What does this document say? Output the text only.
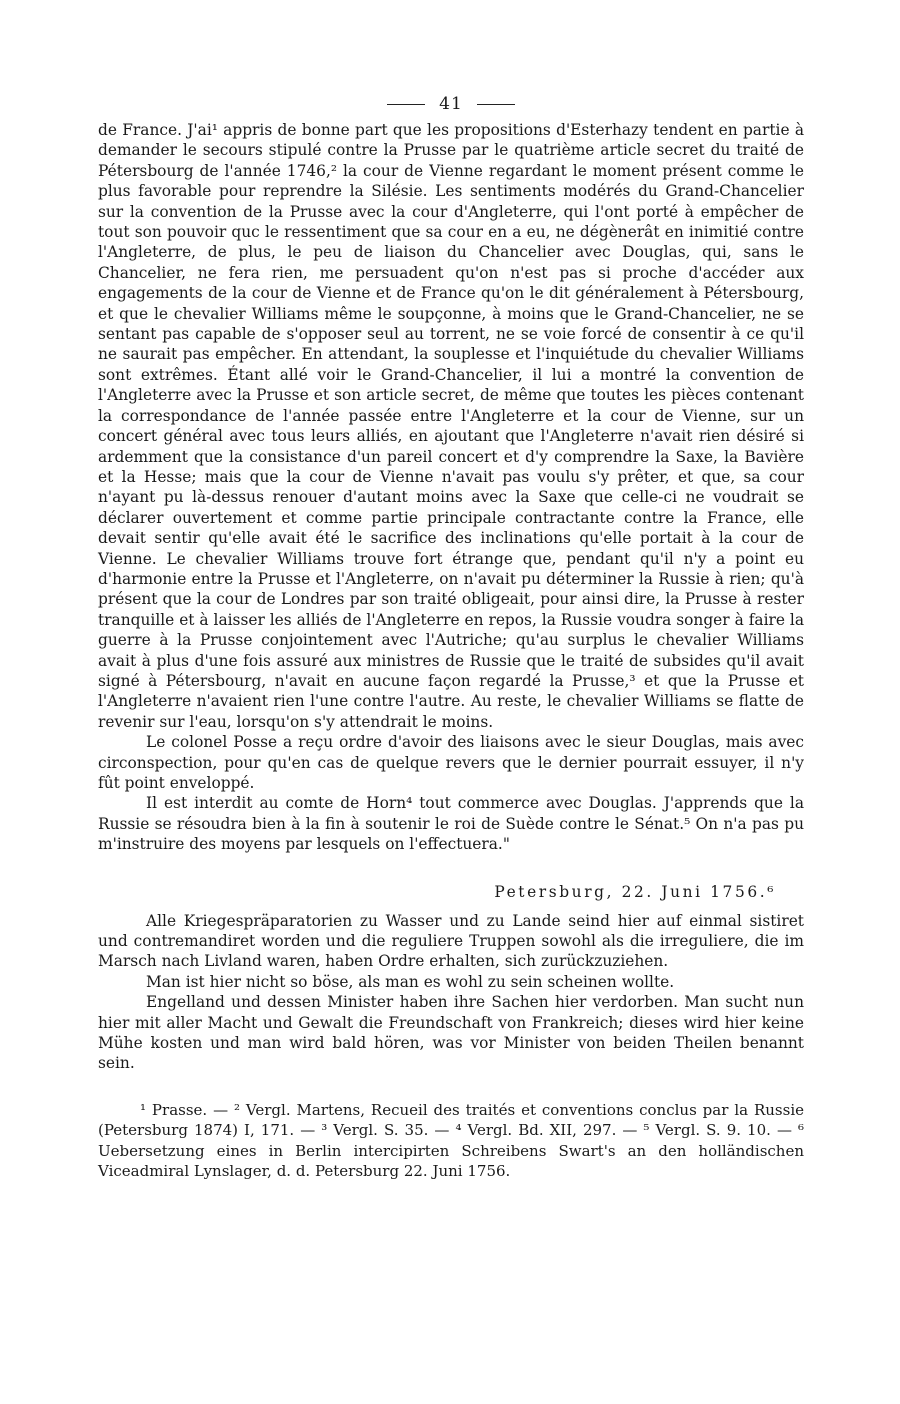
41

de France. J'ai¹ appris de bonne part que les propositions d'Esterhazy tendent en partie à demander le secours stipulé contre la Prusse par le quatrième article secret du traité de Pétersbourg de l'année 1746,² la cour de Vienne regardant le moment présent comme le plus favorable pour reprendre la Silésie. Les sentiments modérés du Grand-Chancelier sur la convention de la Prusse avec la cour d'Angleterre, qui l'ont porté à empêcher de tout son pouvoir quc le ressentiment que sa cour en a eu, ne dégènerât en inimitié contre l'Angleterre, de plus, le peu de liaison du Chancelier avec Douglas, qui, sans le Chancelier, ne fera rien, me persuadent qu'on n'est pas si proche d'accéder aux engagements de la cour de Vienne et de France qu'on le dit généralement à Pétersbourg, et que le chevalier Williams même le soupçonne, à moins que le Grand-Chancelier, ne se sentant pas capable de s'opposer seul au torrent, ne se voie forcé de consentir à ce qu'il ne saurait pas empêcher. En attendant, la souplesse et l'inquiétude du chevalier Williams sont extrêmes. Étant allé voir le Grand-Chancelier, il lui a montré la convention de l'Angleterre avec la Prusse et son article secret, de même que toutes les pièces contenant la correspondance de l'année passée entre l'Angleterre et la cour de Vienne, sur un concert général avec tous leurs alliés, en ajoutant que l'Angleterre n'avait rien désiré si ardemment que la consistance d'un pareil concert et d'y comprendre la Saxe, la Bavière et la Hesse; mais que la cour de Vienne n'avait pas voulu s'y prêter, et que, sa cour n'ayant pu là-dessus renouer d'autant moins avec la Saxe que celle-ci ne voudrait se déclarer ouvertement et comme partie principale contractante contre la France, elle devait sentir qu'elle avait été le sacrifice des inclinations qu'elle portait à la cour de Vienne. Le chevalier Williams trouve fort étrange que, pendant qu'il n'y a point eu d'harmonie entre la Prusse et l'Angleterre, on n'avait pu déterminer la Russie à rien; qu'à présent que la cour de Londres par son traité obligeait, pour ainsi dire, la Prusse à rester tranquille et à laisser les alliés de l'Angleterre en repos, la Russie voudra songer à faire la guerre à la Prusse conjointement avec l'Autriche; qu'au surplus le chevalier Williams avait à plus d'une fois assuré aux ministres de Russie que le traité de subsides qu'il avait signé à Pétersbourg, n'avait en aucune façon regardé la Prusse,³ et que la Prusse et l'Angleterre n'avaient rien l'une contre l'autre. Au reste, le chevalier Williams se flatte de revenir sur l'eau, lorsqu'on s'y attendrait le moins.

Le colonel Posse a reçu ordre d'avoir des liaisons avec le sieur Douglas, mais avec circonspection, pour qu'en cas de quelque revers que le dernier pourrait essuyer, il n'y fût point enveloppé.

Il est interdit au comte de Horn⁴ tout commerce avec Douglas. J'apprends que la Russie se résoudra bien à la fin à soutenir le roi de Suède contre le Sénat.⁵ On n'a pas pu m'instruire des moyens par lesquels on l'effectuera."

Petersburg, 22. Juni 1756.⁶

Alle Kriegespräparatorien zu Wasser und zu Lande seind hier auf einmal sistiret und contremandiret worden und die reguliere Truppen sowohl als die irreguliere, die im Marsch nach Livland waren, haben Ordre erhalten, sich zurückzuziehen.

Man ist hier nicht so böse, als man es wohl zu sein scheinen wollte.

Engelland und dessen Minister haben ihre Sachen hier verdorben. Man sucht nun hier mit aller Macht und Gewalt die Freundschaft von Frankreich; dieses wird hier keine Mühe kosten und man wird bald hören, was vor Minister von beiden Theilen benannt sein.

¹ Prasse. — ² Vergl. Martens, Recueil des traités et conventions conclus par la Russie (Petersburg 1874) I, 171. — ³ Vergl. S. 35. — ⁴ Vergl. Bd. XII, 297. — ⁵ Vergl. S. 9. 10. — ⁶ Uebersetzung eines in Berlin intercipirten Schreibens Swart's an den holländischen Viceadmiral Lynslager, d. d. Petersburg 22. Juni 1756.
